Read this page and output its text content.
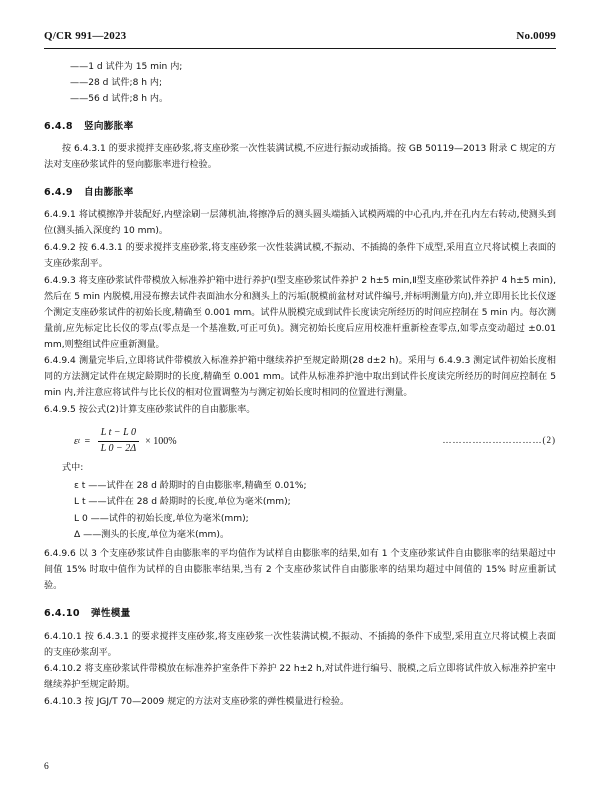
Q/CR 991—2023	No.0099
——1 d 试件为 15 min 内;
——28 d 试件;8 h 内;
——56 d 试件;8 h 内。
6.4.8 竖向膨胀率

按 6.4.3.1 的要求搅拌支座砂浆,将支座砂浆一次性装满试模,不应进行振动或插捣。按 GB 50119—2013 附录 C 规定的方法对支座砂浆试件的竖向膨胀率进行检验。

6.4.9 自由膨胀率

6.4.9.1 将试模擦净并装配好,内壁涂刷一层薄机油,将擦净后的测头圆头端插入试模两端的中心孔内,并在孔内左右转动,使测头到位(测头插入深度约 10 mm)。

6.4.9.2 按 6.4.3.1 的要求搅拌支座砂浆,将支座砂浆一次性装满试模,不振动、不插捣的条件下成型,采用直立尺将试模上表面的支座砂浆刮平。

6.4.9.3 将支座砂浆试件带模放入标准养护箱中进行养护(Ⅰ型支座砂浆试件养护 2 h±5 min,Ⅱ型支座砂浆试件养护 4 h±5 min),然后在 5 min 内脱模,用浸布擦去试件表面油水分和测头上的污垢(脱模前盆材对试件编号,并标明测量方向),并立即用长比长仪逐个测定支座砂浆试件的初始长度,精确至 0.001 mm。试件从脱模完成到试件长度读完所经历的时间应控制在 5 min 内。每次测量前,应先标定比长仪的零点(零点是一个基准数,可正可负)。测完初始长度后应用校准杆重新检查零点,如零点变动超过 ±0.01 mm,则整组试件应重新测量。

6.4.9.4 测量完毕后,立即将试件带模放入标准养护箱中继续养护至规定龄期(28 d±2 h)。采用与 6.4.9.3 测定试件初始长度相同的方法测定试件在规定龄期时的长度,精确至 0.001 mm。试件从标准养护池中取出到试件长度读完所经历的时间应控制在 5 min 内,并注意应将试件与比长仪的相对位置调整为与测定初始长度时相同的位置进行测量。

6.4.9.5 按公式(2)计算支座砂浆试件的自由膨胀率。

ε $t = \frac{\text{L t − L 0}}{L 0 - 2\Delta} \times 100\%$	…………………………(2)

式中:

ε t ——试件在 28 d 龄期时的自由膨胀率,精确至 0.01%;
L t ——试件在 28 d 龄期时的长度,单位为毫米(mm);
L 0 ——试件的初始长度,单位为毫米(mm);
Δ ——测头的长度,单位为毫米(mm)。

6.4.9.6 以 3 个支座砂浆试件自由膨胀率的平均值作为试样自由膨胀率的结果,如有 1 个支座砂浆试件自由膨胀率的结果超过中间值 15% 时取中值作为试样的自由膨胀率结果,当有 2 个支座砂浆试件自由膨胀率的结果均超过中间值的 15% 时应重新试验。

6.4.10 弹性模量

6.4.10.1 按 6.4.3.1 的要求搅拌支座砂浆,将支座砂浆一次性装满试模,不振动、不插捣的条件下成型,采用直立尺将试模上表面的支座砂浆刮平。

6.4.10.2 将支座砂浆试件带模放在标准养护室条件下养护 22 h±2 h,对试件进行编号、脱模,之后立即将试件放入标准养护室中继续养护至规定龄期。

6.4.10.3 按 JGJ/T 70—2009 规定的方法对支座砂浆的弹性模量进行检验。

6
